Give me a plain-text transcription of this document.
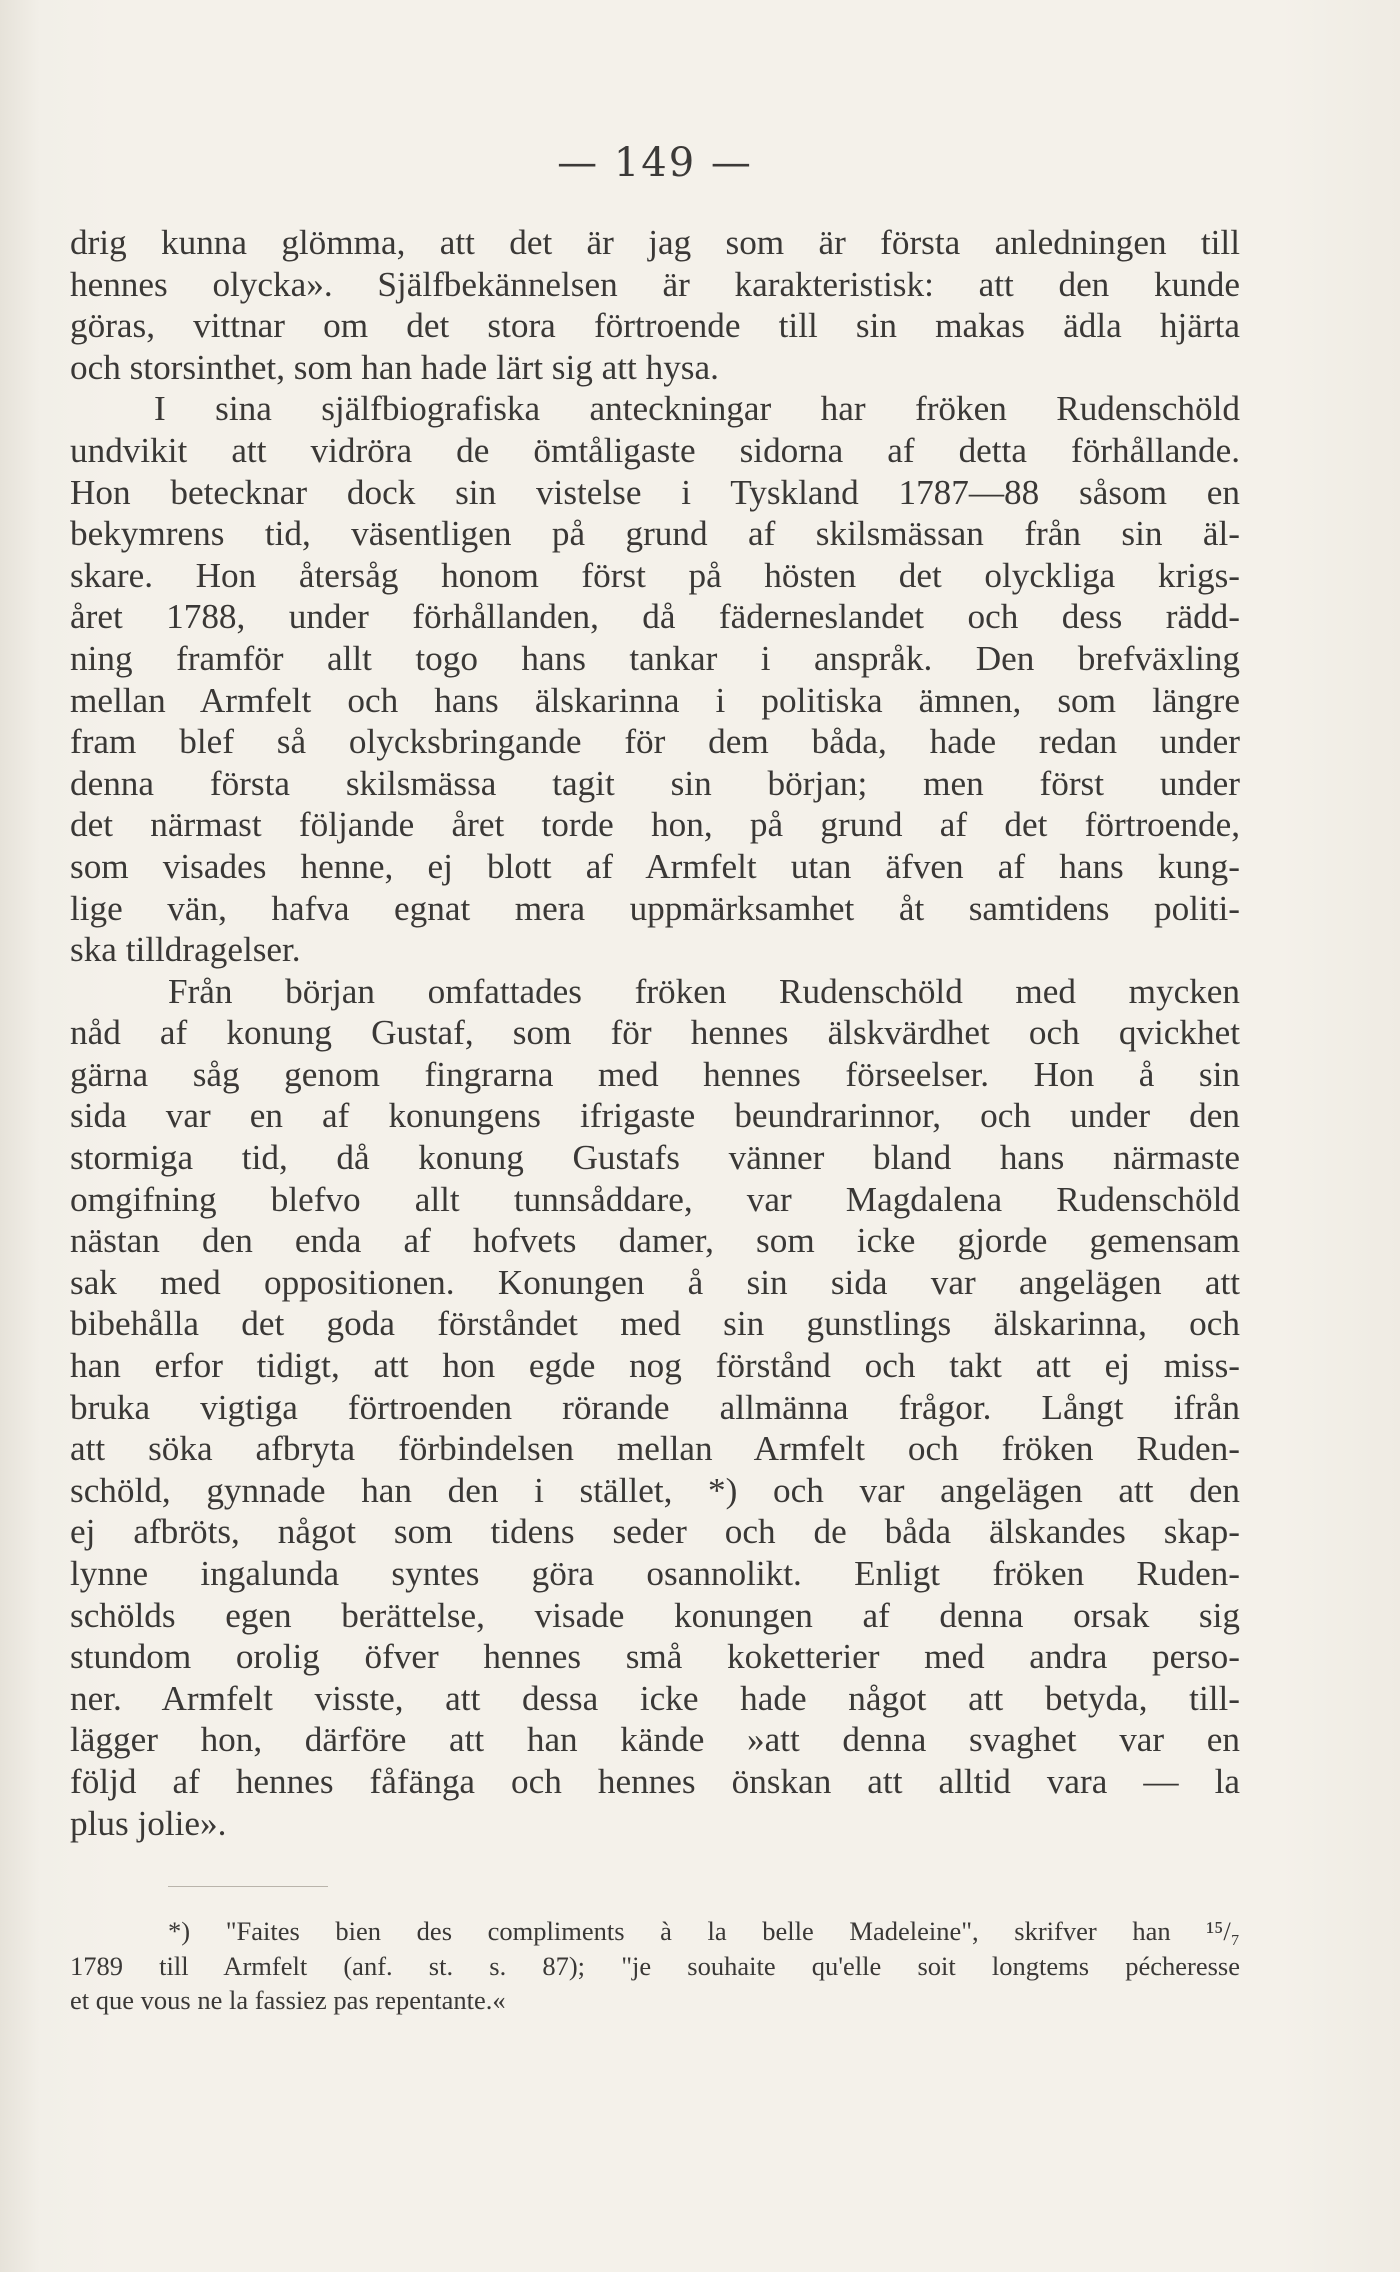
— 149 —
drig kunna glömma, att det är jag som är första anledningen till
hennes olycka». Själfbekännelsen är karakteristisk: att den kunde
göras, vittnar om det stora förtroende till sin makas ädla hjärta
och storsinthet, som han hade lärt sig att hysa.
I sina själfbiografiska anteckningar har fröken Rudenschöld
undvikit att vidröra de ömtåligaste sidorna af detta förhållande.
Hon betecknar dock sin vistelse i Tyskland 1787—88 såsom en
bekymrens tid, väsentligen på grund af skilsmässan från sin äl-
skare. Hon återsåg honom först på hösten det olyckliga krigs-
året 1788, under förhållanden, då fäderneslandet och dess rädd-
ning framför allt togo hans tankar i anspråk. Den brefväxling
mellan Armfelt och hans älskarinna i politiska ämnen, som längre
fram blef så olycksbringande för dem båda, hade redan under
denna första skilsmässa tagit sin början; men först under
det närmast följande året torde hon, på grund af det förtroende,
som visades henne, ej blott af Armfelt utan äfven af hans kung-
lige vän, hafva egnat mera uppmärksamhet åt samtidens politi-
ska tilldragelser.
Från början omfattades fröken Rudenschöld med mycken
nåd af konung Gustaf, som för hennes älskvärdhet och qvickhet
gärna såg genom fingrarna med hennes förseelser. Hon å sin
sida var en af konungens ifrigaste beundrarinnor, och under den
stormiga tid, då konung Gustafs vänner bland hans närmaste
omgifning blefvo allt tunnsåddare, var Magdalena Rudenschöld
nästan den enda af hofvets damer, som icke gjorde gemensam
sak med oppositionen. Konungen å sin sida var angelägen att
bibehålla det goda förståndet med sin gunstlings älskarinna, och
han erfor tidigt, att hon egde nog förstånd och takt att ej miss-
bruka vigtiga förtroenden rörande allmänna frågor. Långt ifrån
att söka afbryta förbindelsen mellan Armfelt och fröken Ruden-
schöld, gynnade han den i stället, *) och var angelägen att den
ej afbröts, något som tidens seder och de båda älskandes skap-
lynne ingalunda syntes göra osannolikt. Enligt fröken Ruden-
schölds egen berättelse, visade konungen af denna orsak sig
stundom orolig öfver hennes små koketterier med andra perso-
ner. Armfelt visste, att dessa icke hade något att betyda, till-
lägger hon, därföre att han kände »att denna svaghet var en
följd af hennes fåfänga och hennes önskan att alltid vara — la
plus jolie».
*) "Faites bien des compliments à la belle Madeleine", skrifver han ¹⁵/₇
1789 till Armfelt (anf. st. s. 87); "je souhaite qu'elle soit longtems pécheresse
et que vous ne la fassiez pas repentante.«
